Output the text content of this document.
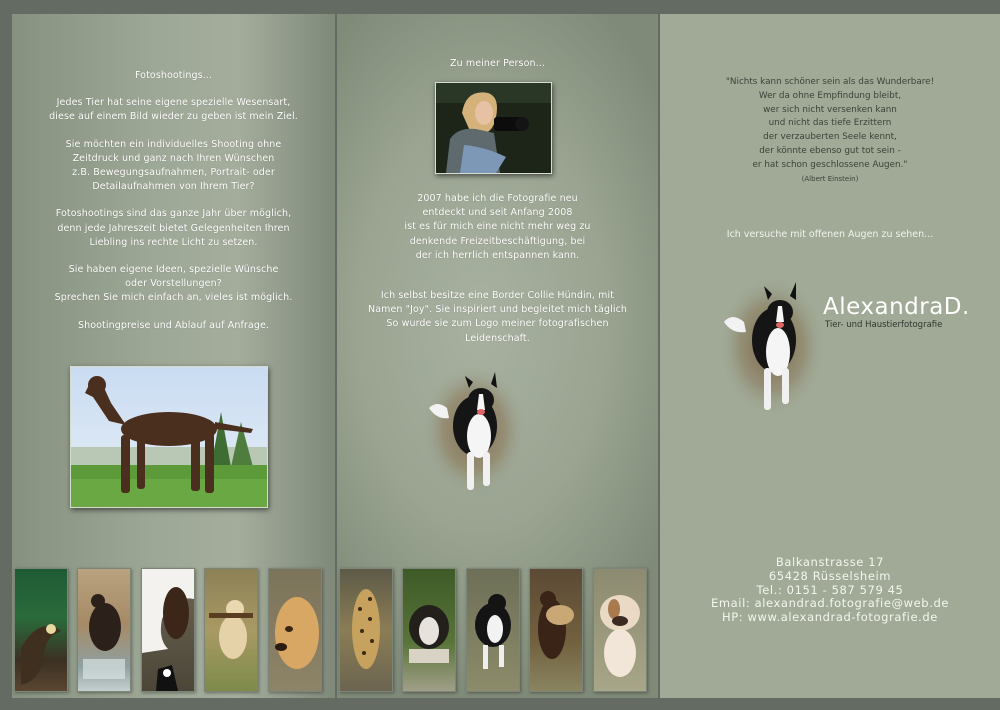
Fotoshootings...

Jedes Tier hat seine eigene spezielle Wesensart,
diese auf einem Bild wieder zu geben ist mein Ziel.

Sie möchten ein individuelles Shooting ohne
Zeitdruck und ganz nach Ihren Wünschen
z.B. Bewegungsaufnahmen, Portrait- oder
Detailaufnahmen von Ihrem Tier?

Fotoshootings sind das ganze Jahr über möglich,
denn jede Jahreszeit bietet Gelegenheiten Ihren
Liebling ins rechte Licht zu setzen.

Sie haben eigene Ideen, spezielle Wünsche
oder Vorstellungen?
Sprechen Sie mich einfach an, vieles ist möglich.

Shootingpreise und Ablauf auf Anfrage.

Zu meiner Person...

2007 habe ich die Fotografie neu
entdeckt und seit Anfang 2008
ist es für mich eine nicht mehr weg zu
denkende Freizeitbeschäftigung, bei
der ich herrlich entspannen kann.

Ich selbst besitze eine Border Collie Hündin, mit
Namen "Joy". Sie inspiriert und begleitet mich täglich
So wurde sie zum Logo meiner fotografischen
Leidenschaft.

"Nichts kann schöner sein als das Wunderbare!
Wer da ohne Empfindung bleibt,
wer sich nicht versenken kann
und nicht das tiefe Erzittern
der verzauberten Seele kennt,
der könnte ebenso gut tot sein -
er hat schon geschlossene Augen."
(Albert Einstein)
Ich versuche mit offenen Augen zu sehen...
AlexandraD.
Tier- und Haustierfotografie
Balkanstrasse 17
65428 Rüsselsheim
Tel.: 0151 - 587 579 45
Email: alexandrad.fotografie@web.de
HP: www.alexandrad-fotografie.de
